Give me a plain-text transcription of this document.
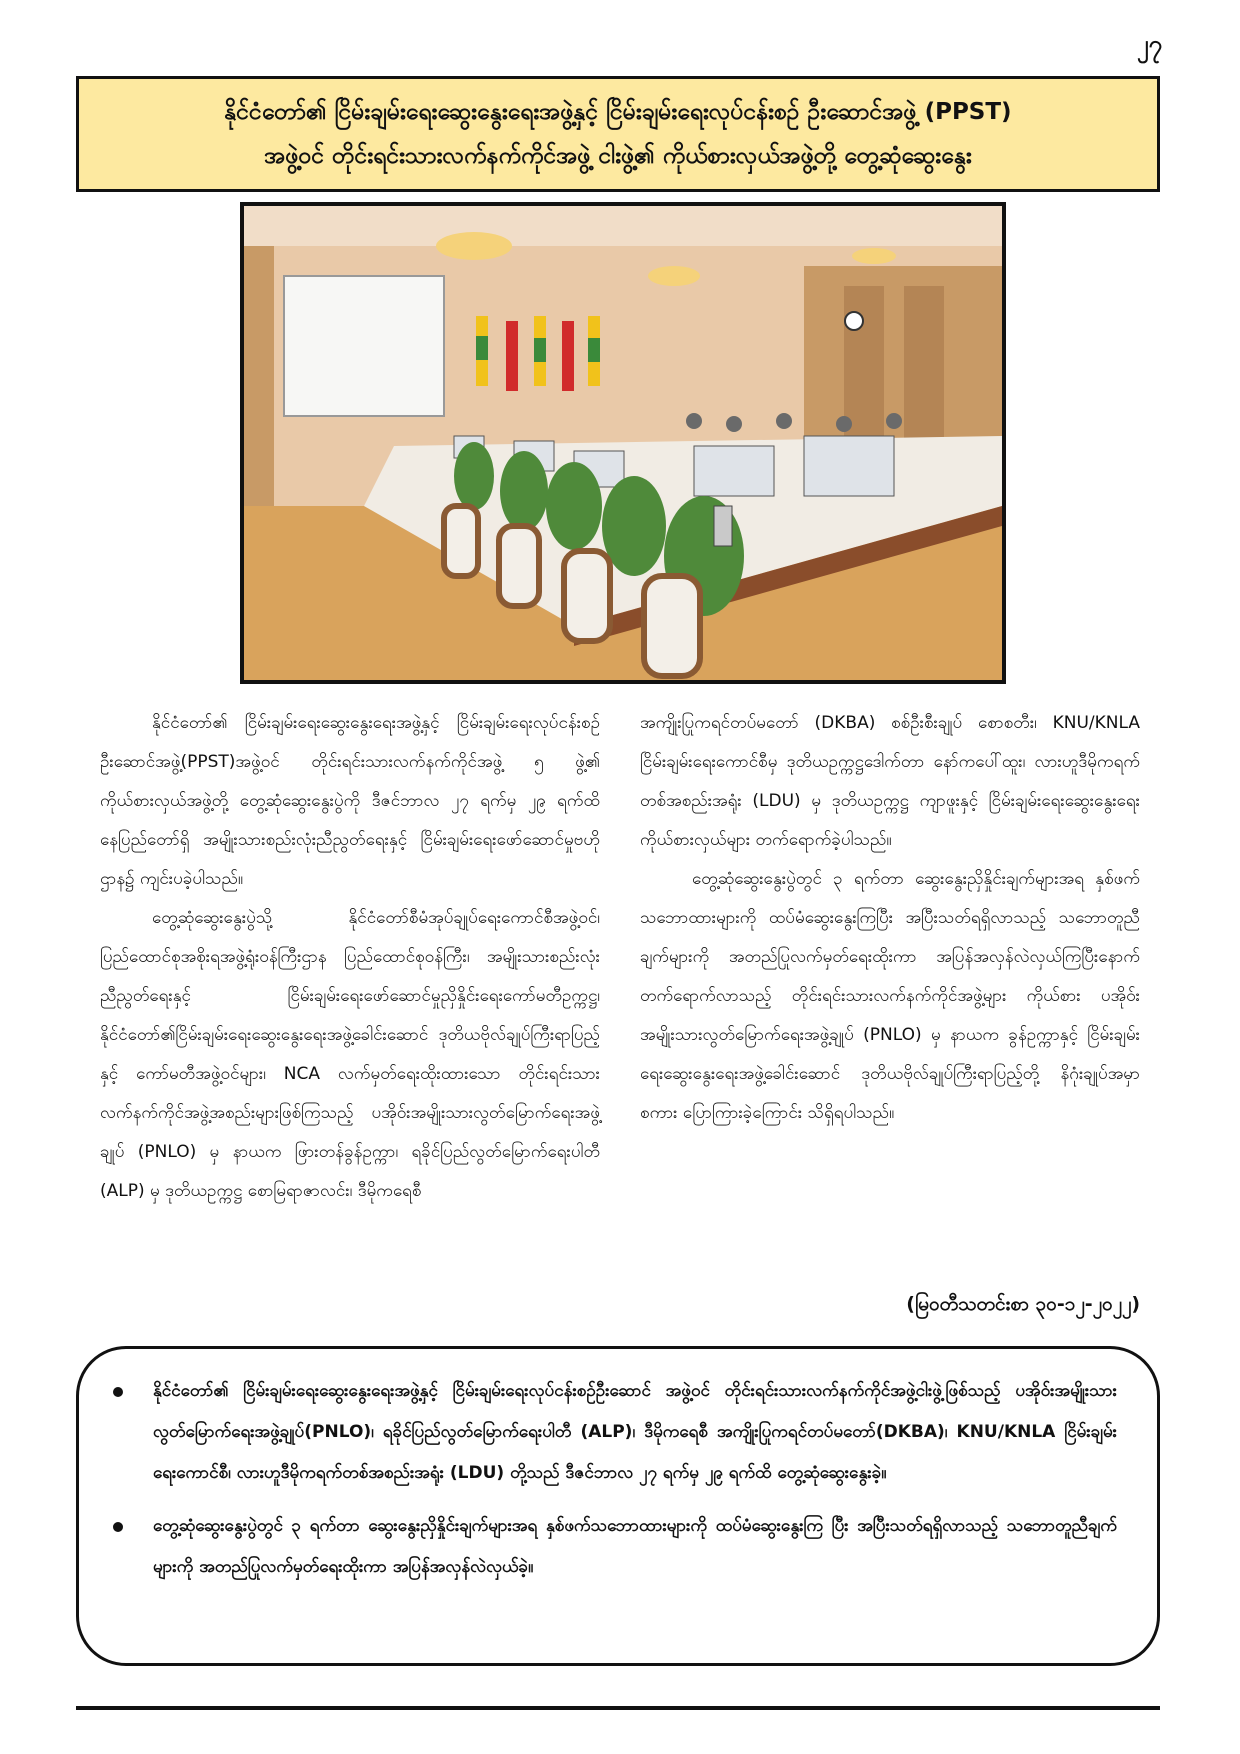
၂၇
နိုင်ငံတော်၏ ငြိမ်းချမ်းရေးဆွေးနွေးရေးအဖွဲ့နှင့် ငြိမ်းချမ်းရေးလုပ်ငန်းစဉ် ဦးဆောင်အဖွဲ့ (PPST)
အဖွဲ့ဝင် တိုင်းရင်းသားလက်နက်ကိုင်အဖွဲ့ ငါးဖွဲ့၏ ကိုယ်စားလှယ်အဖွဲ့တို့ တွေ့ဆုံဆွေးနွေး

နိုင်ငံတော်၏ ငြိမ်းချမ်းရေးဆွေးနွေးရေးအဖွဲ့နှင့် ငြိမ်းချမ်းရေးလုပ်ငန်းစဉ် ဦးဆောင်အဖွဲ့(PPST)အဖွဲ့ဝင် တိုင်းရင်းသားလက်နက်ကိုင်အဖွဲ့ ၅ ဖွဲ့၏ ကိုယ်စားလှယ်အဖွဲ့တို့ တွေ့ဆုံဆွေးနွေးပွဲကို ဒီဇင်ဘာလ ၂၇ ရက်မှ ၂၉ ရက်ထိ နေပြည်တော်ရှိ အမျိုးသားစည်းလုံးညီညွတ်ရေးနှင့် ငြိမ်းချမ်းရေးဖော်ဆောင်မှုဗဟိုဌာန၌ ကျင်းပခဲ့ပါသည်။

တွေ့ဆုံဆွေးနွေးပွဲသို့ နိုင်ငံတော်စီမံအုပ်ချုပ်ရေးကောင်စီအဖွဲ့ဝင်၊ ပြည်ထောင်စုအစိုးရအဖွဲ့ရုံးဝန်ကြီးဌာန ပြည်ထောင်စုဝန်ကြီး၊ အမျိုးသားစည်းလုံးညီညွတ်ရေးနှင့် ငြိမ်းချမ်းရေးဖော်ဆောင်မှုညှိနှိုင်းရေးကော်မတီဥက္ကဋ္ဌ၊ နိုင်ငံတော်၏ငြိမ်းချမ်းရေးဆွေးနွေးရေးအဖွဲ့ခေါင်းဆောင် ဒုတိယဗိုလ်ချုပ်ကြီးရာပြည့်နှင့် ကော်မတီအဖွဲ့ဝင်များ၊ NCA လက်မှတ်ရေးထိုးထားသော တိုင်းရင်းသားလက်နက်ကိုင်အဖွဲ့အစည်းများဖြစ်ကြသည့် ပအိုဝ်းအမျိုးသားလွတ်မြောက်ရေးအဖွဲ့ချုပ် (PNLO) မှ နာယက ဖြားတန်ခွန်ဥက္ကာ၊ ရခိုင်ပြည်လွတ်မြောက်ရေးပါတီ (ALP) မှ ဒုတိယဥက္ကဋ္ဌ စောမြရာဇာလင်း၊ ဒီမိုကရေစီ

အကျိုးပြုကရင်တပ်မတော် (DKBA) စစ်ဦးစီးချုပ် စောစတီး၊ KNU/KNLA ငြိမ်းချမ်းရေးကောင်စီမှ ဒုတိယဥက္ကဋ္ဌဒေါက်တာ နော်ကပေါ်ထူး၊ လားဟူဒီမိုကရက်တစ်အစည်းအရုံး (LDU) မှ ဒုတိယဥက္ကဋ္ဌ ကျာဖူးနှင့် ငြိမ်းချမ်းရေးဆွေးနွေးရေး ကိုယ်စားလှယ်များ တက်ရောက်ခဲ့ပါသည်။

တွေ့ဆုံဆွေးနွေးပွဲတွင် ၃ ရက်တာ ဆွေးနွေးညှိနှိုင်းချက်များအရ နှစ်ဖက်သဘောထားများကို ထပ်မံဆွေးနွေးကြပြီး အပြီးသတ်ရရှိလာသည့် သဘောတူညီချက်များကို အတည်ပြုလက်မှတ်ရေးထိုးကာ အပြန်အလှန်လဲလှယ်ကြပြီးနောက် တက်ရောက်လာသည့် တိုင်းရင်းသားလက်နက်ကိုင်အဖွဲ့များ ကိုယ်စား ပအိုဝ်းအမျိုးသားလွတ်မြောက်ရေးအဖွဲ့ချုပ် (PNLO) မှ နာယက ခွန်ဥက္ကာနှင့် ငြိမ်းချမ်းရေးဆွေးနွေးရေးအဖွဲ့ခေါင်းဆောင် ဒုတိယဗိုလ်ချုပ်ကြီးရာပြည့်တို့ နိဂုံးချုပ်အမှာစကား ပြောကြားခဲ့ကြောင်း သိရှိရပါသည်။

(မြဝတီသတင်းစာ ၃၀-၁၂-၂၀၂၂)
နိုင်ငံတော်၏ ငြိမ်းချမ်းရေးဆွေးနွေးရေးအဖွဲ့နှင့် ငြိမ်းချမ်းရေးလုပ်ငန်းစဉ်ဦးဆောင် အဖွဲ့ဝင် တိုင်းရင်းသားလက်နက်ကိုင်အဖွဲ့ငါးဖွဲ့ဖြစ်သည့် ပအိုဝ်းအမျိုးသားလွတ်မြောက်ရေးအဖွဲ့ချုပ်(PNLO)၊ ရခိုင်ပြည်လွတ်မြောက်ရေးပါတီ (ALP)၊ ဒီမိုကရေစီ အကျိုးပြုကရင်တပ်မတော်(DKBA)၊ KNU/KNLA ငြိမ်းချမ်းရေးကောင်စီ၊ လားဟူဒီမိုကရက်တစ်အစည်းအရုံး (LDU) တို့သည် ဒီဇင်ဘာလ ၂၇ ရက်မှ ၂၉ ရက်ထိ တွေ့ဆုံဆွေးနွေးခဲ့။
တွေ့ဆုံဆွေးနွေးပွဲတွင် ၃ ရက်တာ ဆွေးနွေးညှိနှိုင်းချက်များအရ နှစ်ဖက်သဘောထားများကို ထပ်မံဆွေးနွေးကြ ပြီး အပြီးသတ်ရရှိလာသည့် သဘောတူညီချက်များကို အတည်ပြုလက်မှတ်ရေးထိုးကာ အပြန်အလှန်လဲလှယ်ခဲ့။
